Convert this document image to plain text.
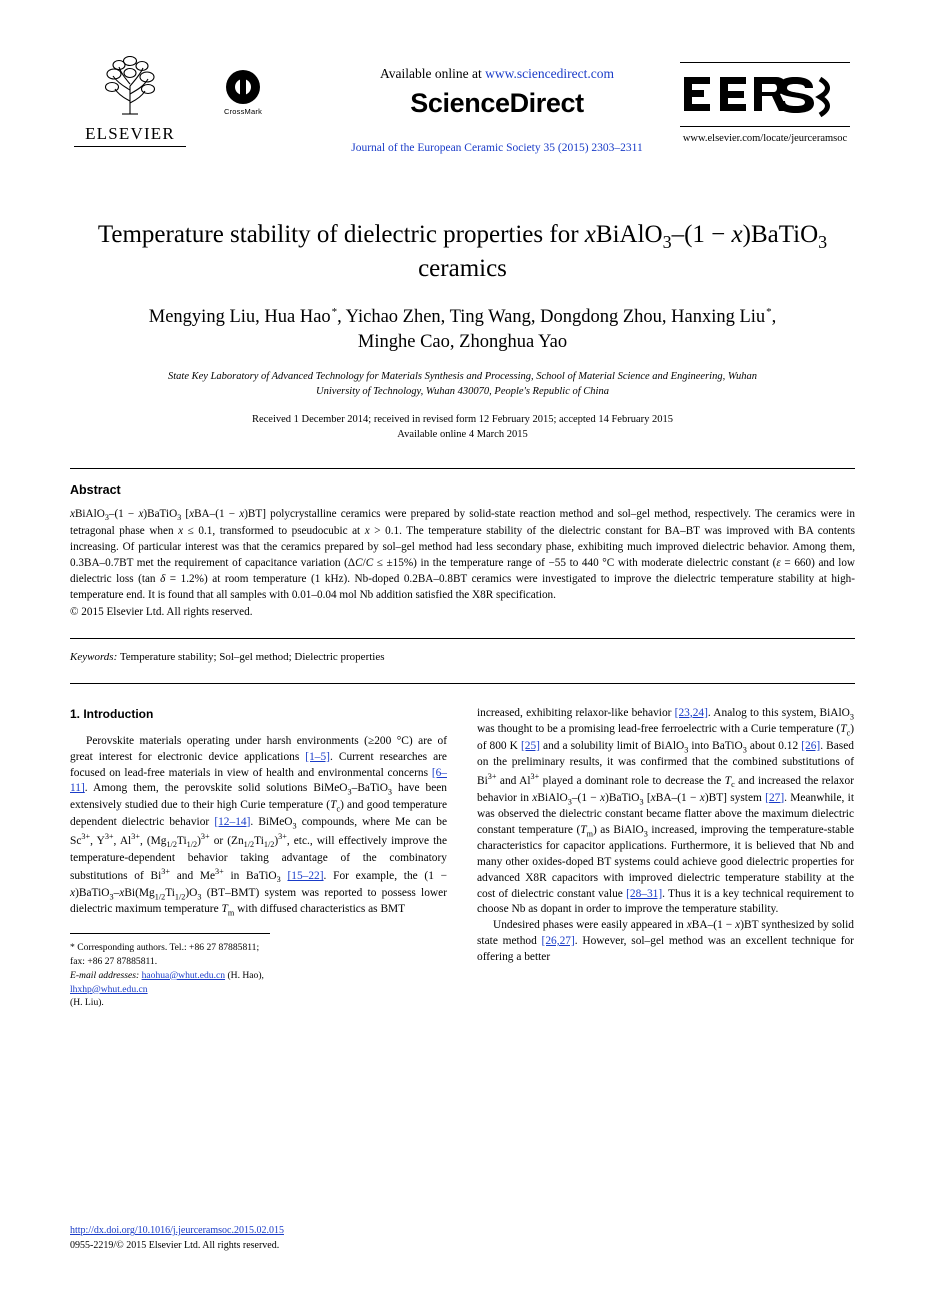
ELSEVIER
CrossMark
Available online at www.sciencedirect.com
ScienceDirect
Journal of the European Ceramic Society 35 (2015) 2303–2311
www.elsevier.com/locate/jeurceramsoc
Temperature stability of dielectric properties for xBiAlO$_3$–(1 − x)BaTiO$_3$
ceramics
Mengying Liu, Hua Hao *, Yichao Zhen, Ting Wang, Dongdong Zhou, Hanxing Liu *,
Minghe Cao, Zhonghua Yao
State Key Laboratory of Advanced Technology for Materials Synthesis and Processing, School of Material Science and Engineering, Wuhan University of Technology, Wuhan 430070, People's Republic of China
Received 1 December 2014; received in revised form 12 February 2015; accepted 14 February 2015
Available online 4 March 2015
Abstract

xBiAlO$_3$–(1 − x)BaTiO$_3$ [xBA–(1 − x)BT] polycrystalline ceramics were prepared by solid-state reaction method and sol–gel method, respectively. The ceramics were in tetragonal phase when x ≤ 0.1, transformed to pseudocubic at x > 0.1. The temperature stability of the dielectric constant for BA–BT was improved with BA contents increasing. Of particular interest was that the ceramics prepared by sol–gel method had less secondary phase, exhibiting much improved dielectric behavior. Among them, 0.3BA–0.7BT met the requirement of capacitance variation (ΔC/C ≤ ±15%) in the temperature range of −55 to 440 °C with moderate dielectric constant (ε = 660) and low dielectric loss (tan δ = 1.2%) at room temperature (1 kHz). Nb-doped 0.2BA–0.8BT ceramics were investigated to improve the dielectric temperature stability at high-temperature end. It is found that all samples with 0.01–0.04 mol Nb addition satisfied the X8R specification.

© 2015 Elsevier Ltd. All rights reserved.
Keywords: Temperature stability; Sol–gel method; Dielectric properties
1. Introduction

Perovskite materials operating under harsh environments (≥200 °C) are of great interest for electronic device applications [1–5]. Current researches are focused on lead-free materials in view of health and environmental concerns [6–11]. Among them, the perovskite solid solutions BiMeO$_3$–BaTiO$_3$ have been extensively studied due to their high Curie temperature $(T_c)$ and good temperature dependent dielectric behavior [12–14]. BiMeO$_3$ compounds, where Me can be $Sc^{3+}$, $Y^{3+}$, $Al^{3+}$, $(Mg_{1/2}Ti_{1/2})^{3+}$ or $(Zn_{1/2}Ti_{1/2})^{3+}$, etc., will effectively improve the temperature-dependent behavior taking advantage of the combinatory substitutions of $Bi^{3+}$ and $Me^{3+}$ in BaTiO$_3$ [15–22]. For example, the $(1 - x)BaTiO_3-xBi(Mg_{1/2}Ti_{1/2})O_3$ (BT–BMT) system was reported to possess lower dielectric maximum temperature $T_m$ with diffused characteristics as BMT

* Corresponding authors. Tel.: +86 27 87885811; fax: +86 27 87885811.
E-mail addresses: haohua@whut.edu.cn (H. Hao), lhxhp@whut.edu.cn
(H. Liu).

increased, exhibiting relaxor-like behavior [23,24]. Analog to this system, BiAlO$_3$ was thought to be a promising lead-free ferroelectric with a Curie temperature $(T_c)$ of 800 K [25] and a solubility limit of BiAlO$_3$ into BaTiO$_3$ about 0.12 [26]. Based on the preliminary results, it was confirmed that the combined substitutions of $Bi^{3+}$ and $Al^{3+}$ played a dominant role to decrease the $T_c$ and increased the relaxor behavior in xBiAlO$_3$–(1 − x)BaTiO$_3$ [xBA–(1 − x)BT] system [27]. Meanwhile, it was observed the dielectric constant became flatter above the maximum dielectric constant temperature $(T_m)$ as BiAlO$_3$ increased, improving the temperature-stable characteristics for capacitor applications. Furthermore, it is believed that Nb and many other oxides-doped BT systems could achieve good dielectric properties for advanced X8R capacitors with improved dielectric temperature stability at the cost of dielectric constant value [28–31]. Thus it is a key technical requirement to choose Nb as dopant in order to improve the temperature stability.

Undesired phases were easily appeared in xBA–(1 − x)BT synthesized by solid state method [26,27]. However, sol–gel method was an excellent technique for offering a better

http://dx.doi.org/10.1016/j.jeurceramsoc.2015.02.015
0955-2219/© 2015 Elsevier Ltd. All rights reserved.
